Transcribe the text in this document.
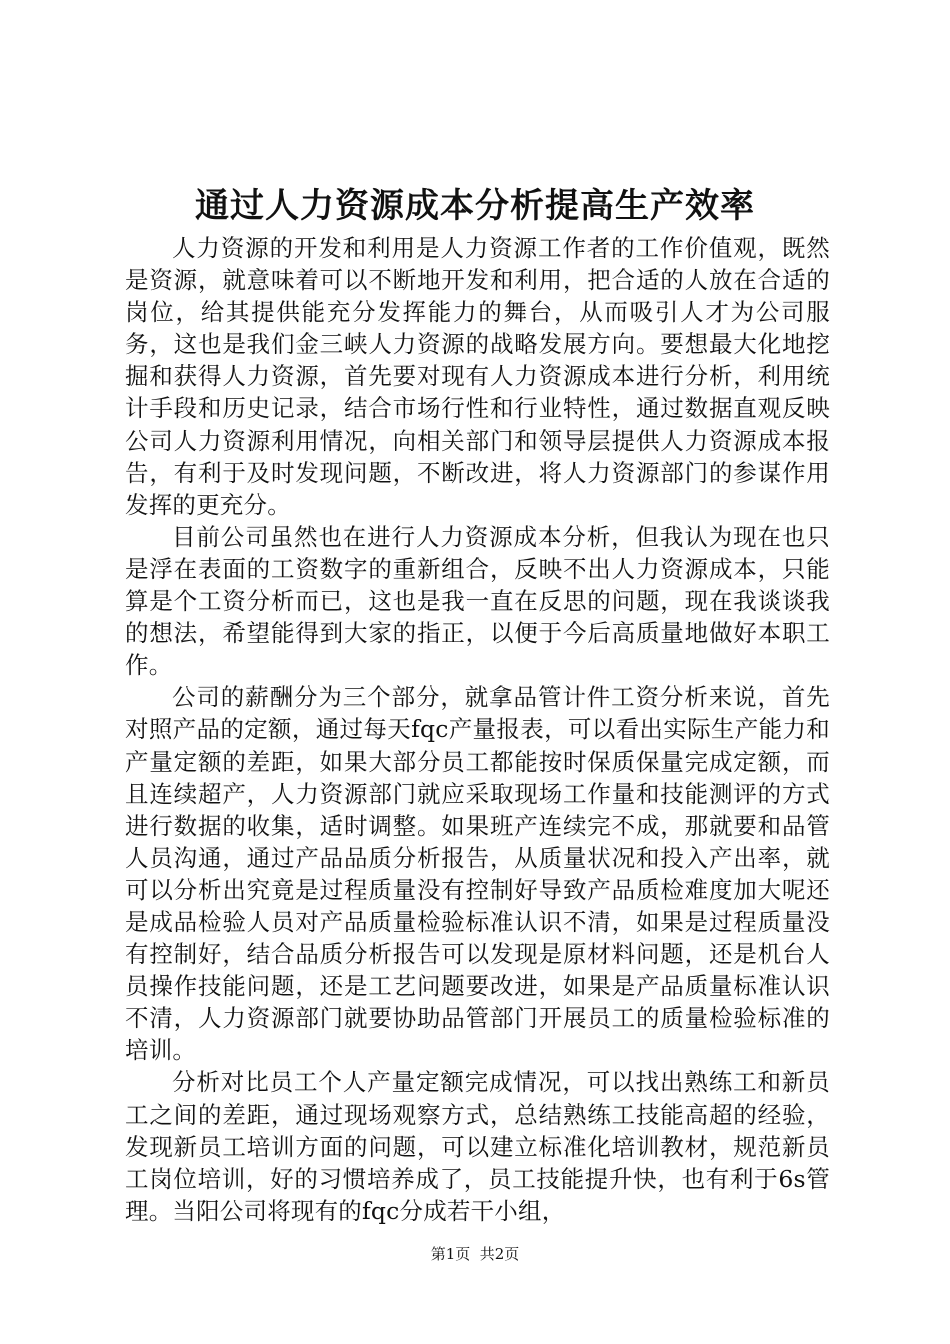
通过人力资源成本分析提高生产效率

人力资源的开发和利用是人力资源工作者的工作价值观，既然是资源，就意味着可以不断地开发和利用，把合适的人放在合适的岗位，给其提供能充分发挥能力的舞台，从而吸引人才为公司服务，这也是我们金三峡人力资源的战略发展方向。要想最大化地挖掘和获得人力资源，首先要对现有人力资源成本进行分析，利用统计手段和历史记录，结合市场行性和行业特性，通过数据直观反映公司人力资源利用情况，向相关部门和领导层提供人力资源成本报告，有利于及时发现问题，不断改进，将人力资源部门的参谋作用发挥的更充分。

目前公司虽然也在进行人力资源成本分析，但我认为现在也只是浮在表面的工资数字的重新组合，反映不出人力资源成本，只能算是个工资分析而已，这也是我一直在反思的问题，现在我谈谈我的想法，希望能得到大家的指正，以便于今后高质量地做好本职工作。

公司的薪酬分为三个部分，就拿品管计件工资分析来说，首先对照产品的定额，通过每天fqc产量报表，可以看出实际生产能力和产量定额的差距，如果大部分员工都能按时保质保量完成定额，而且连续超产，人力资源部门就应采取现场工作量和技能测评的方式进行数据的收集，适时调整。如果班产连续完不成，那就要和品管人员沟通，通过产品品质分析报告，从质量状况和投入产出率，就可以分析出究竟是过程质量没有控制好导致产品质检难度加大呢还是成品检验人员对产品质量检验标准认识不清，如果是过程质量没有控制好，结合品质分析报告可以发现是原材料问题，还是机台人员操作技能问题，还是工艺问题要改进，如果是产品质量标准认识不清，人力资源部门就要协助品管部门开展员工的质量检验标准的培训。

分析对比员工个人产量定额完成情况，可以找出熟练工和新员工之间的差距，通过现场观察方式，总结熟练工技能高超的经验，发现新员工培训方面的问题，可以建立标准化培训教材，规范新员工岗位培训，好的习惯培养成了，员工技能提升快，也有利于6s管理。当阳公司将现有的fqc分成若干小组，

第1页  共2页
